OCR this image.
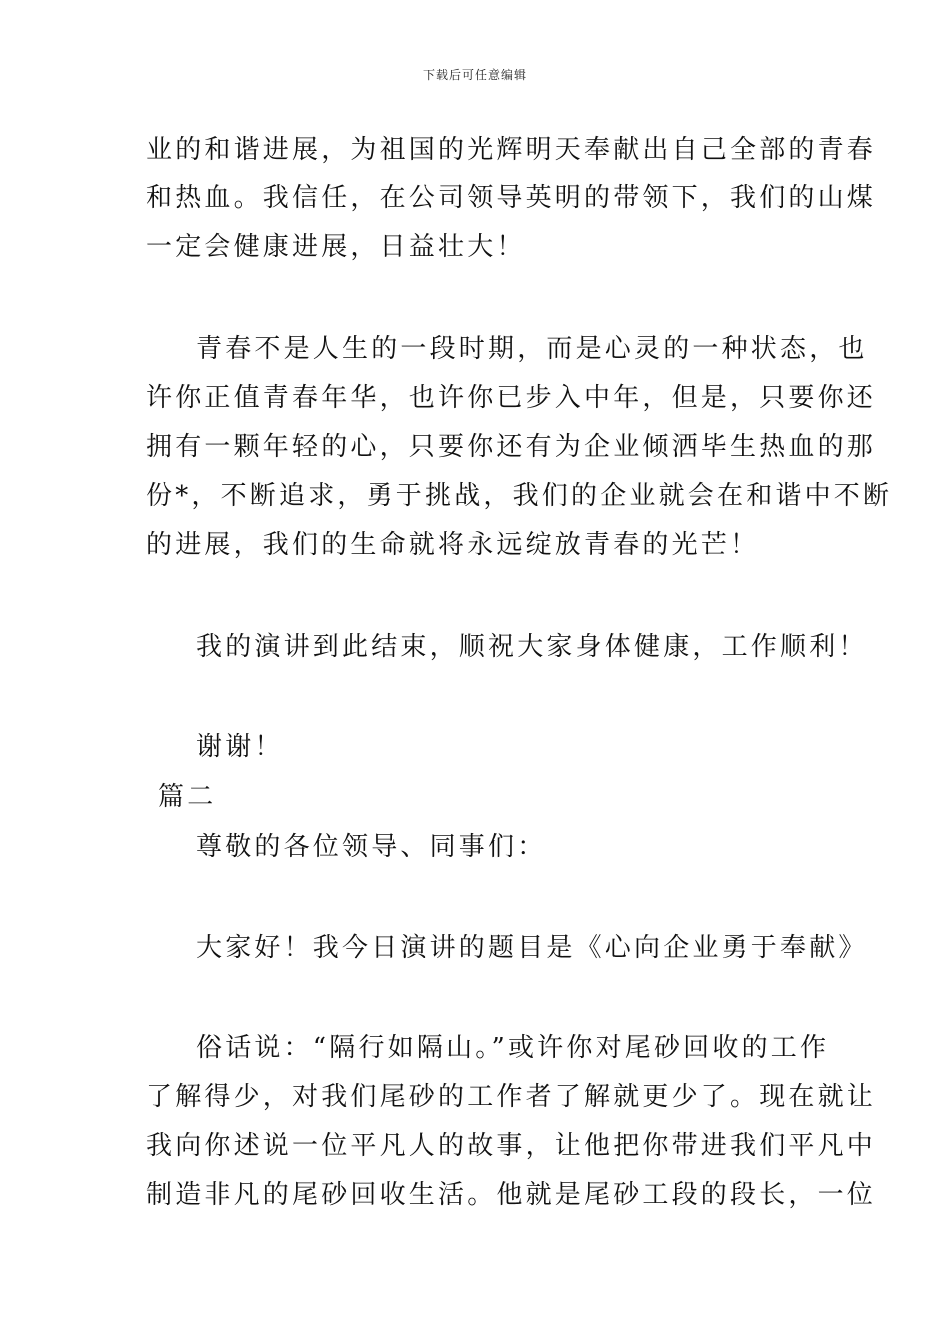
下载后可任意编辑
业的和谐进展，为祖国的光辉明天奉献出自己全部的青春
和热血。我信任，在公司领导英明的带领下，我们的山煤
一定会健康进展，日益壮大！
青春不是人生的一段时期，而是心灵的一种状态，也
许你正值青春年华，也许你已步入中年，但是，只要你还
拥有一颗年轻的心，只要你还有为企业倾洒毕生热血的那
份*，不断追求，勇于挑战，我们的企业就会在和谐中不断
的进展，我们的生命就将永远绽放青春的光芒！
我的演讲到此结束，顺祝大家身体健康，工作顺利！
谢谢！
篇二
尊敬的各位领导、同事们：
大家好！我今日演讲的题目是《心向企业勇于奉献》
俗话说：“隔行如隔山。”或许你对尾砂回收的工作
了解得少，对我们尾砂的工作者了解就更少了。现在就让
我向你述说一位平凡人的故事，让他把你带进我们平凡中
制造非凡的尾砂回收生活。他就是尾砂工段的段长，一位
